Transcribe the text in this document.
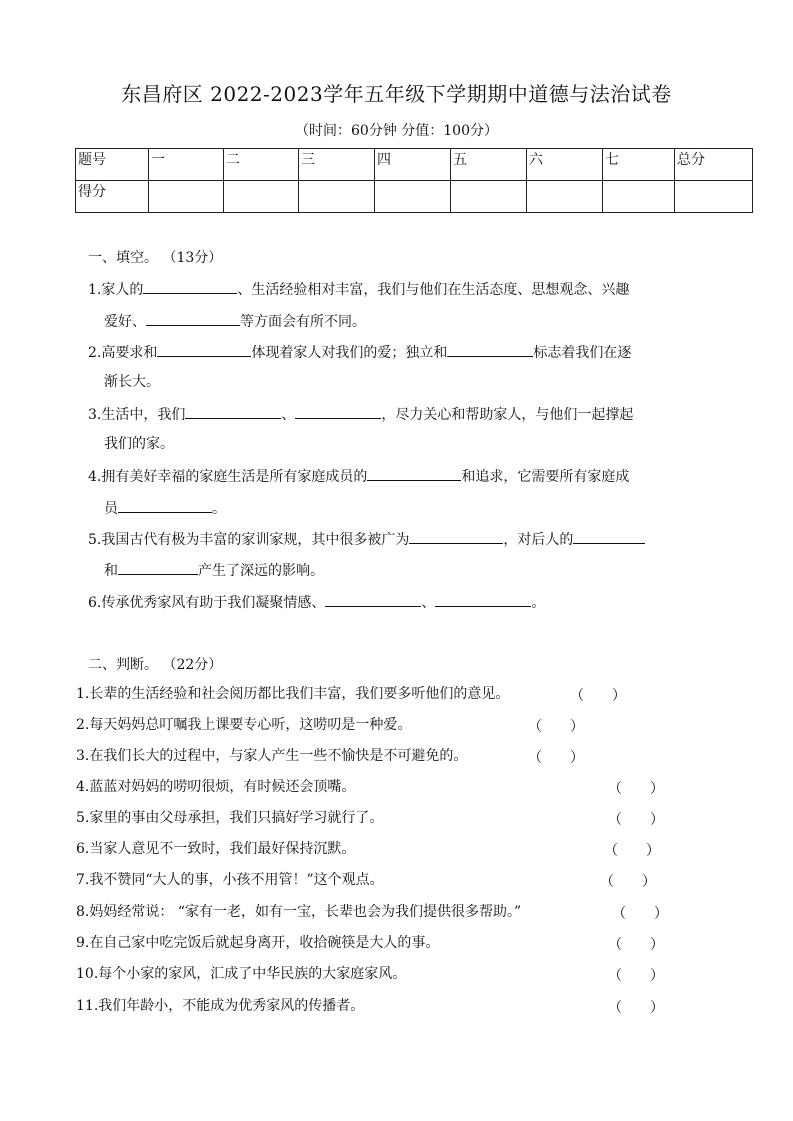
东昌府区 2022-2023学年五年级下学期期中道德与法治试卷
（时间：60分钟 分值：100分）
题号	一	二	三	四	五	六	七	总分
得分								
一、填空。 （13分）
1.家人的	、生活经验相对丰富，我们与他们在生活态度、思想观念、兴趣
爱好、	等方面会有所不同。
2.高要求和	体现着家人对我们的爱；独立和	标志着我们在逐
渐长大。
3.生活中，我们	、	，尽力关心和帮助家人，与他们一起撑起
我们的家。
4.拥有美好幸福的家庭生活是所有家庭成员的	和追求，它需要所有家庭成
员	。
5.我国古代有极为丰富的家训家规，其中很多被广为	，对后人的
和	产生了深远的影响。
6.传承优秀家风有助于我们凝聚情感、	、	。
二、判断。 （22分）
1.长辈的生活经验和社会阅历都比我们丰富，我们要多听他们的意见。	（　　）
2.每天妈妈总叮嘱我上课要专心听，这唠叨是一种爱。	（　　）
3.在我们长大的过程中，与家人产生一些不愉快是不可避免的。	（　　）
4.蓝蓝对妈妈的唠叨很烦，有时候还会顶嘴。	（　　）
5.家里的事由父母承担，我们只搞好学习就行了。	（　　）
6.当家人意见不一致时，我们最好保持沉默。	（　　）
7.我不赞同“大人的事，小孩不用管！”这个观点。	（　　）
8.妈妈经常说： “家有一老，如有一宝，长辈也会为我们提供很多帮助。”	（　　）
9.在自己家中吃完饭后就起身离开，收拾碗筷是大人的事。	（　　）
10.每个小家的家风，汇成了中华民族的大家庭家风。	（　　）
11.我们年龄小，不能成为优秀家风的传播者。	（　　）
